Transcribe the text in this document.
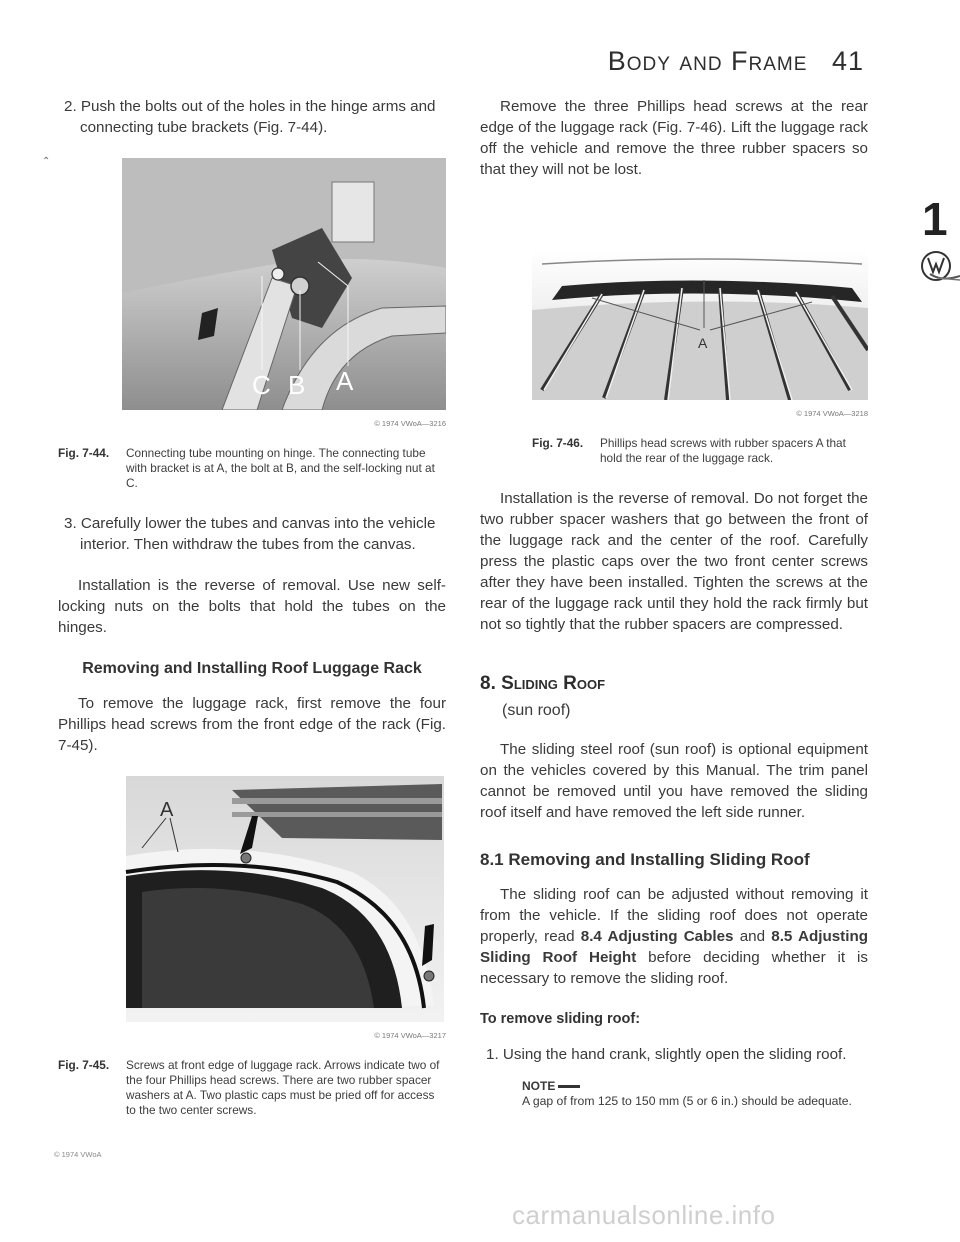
Body and Frame 41
⌃

2. Push the bolts out of the holes in the hinge arms and connecting tube brackets (Fig. 7-44).

C B A
© 1974 VWoA—3216
Fig. 7-44.	Connecting tube mounting on hinge. The connecting tube with bracket is at A, the bolt at B, and the self-locking nut at C.

3. Carefully lower the tubes and canvas into the vehicle interior. Then withdraw the tubes from the canvas.

Installation is the reverse of removal. Use new self-locking nuts on the bolts that hold the tubes on the hinges.

Removing and Installing Roof Luggage Rack

To remove the luggage rack, first remove the four Phillips head screws from the front edge of the rack (Fig. 7-45).

A
© 1974 VWoA—3217
Fig. 7-45.	Screws at front edge of luggage rack. Arrows indicate two of the four Phillips head screws. There are two rubber spacer washers at A. Two plastic caps must be pried off for access to the two center screws.

Remove the three Phillips head screws at the rear edge of the luggage rack (Fig. 7-46). Lift the luggage rack off the vehicle and remove the three rubber spacers so that they will not be lost.

A
© 1974 VWoA—3218
Fig. 7-46.	Phillips head screws with rubber spacers A that hold the rear of the luggage rack.

Installation is the reverse of removal. Do not forget the two rubber spacer washers that go between the front of the luggage rack and the center of the roof. Carefully press the plastic caps over the two front center screws after they have been installed. Tighten the screws at the rear of the luggage rack until they hold the rack firmly but not so tightly that the rubber spacers are compressed.

8. Sliding Roof
(sun roof)

The sliding steel roof (sun roof) is optional equipment on the vehicles covered by this Manual. The trim panel cannot be removed until you have removed the sliding roof itself and have removed the left side runner.

8.1 Removing and Installing Sliding Roof

The sliding roof can be adjusted without removing it from the vehicle. If the sliding roof does not operate properly, read 8.4 Adjusting Cables and 8.5 Adjusting Sliding Roof Height before deciding whether it is necessary to remove the sliding roof.

To remove sliding roof:

1. Using the hand crank, slightly open the sliding roof.

NOTE
A gap of from 125 to 150 mm (5 or 6 in.) should be adequate.
1
© 1974 VWoA
carmanualsonline.info
